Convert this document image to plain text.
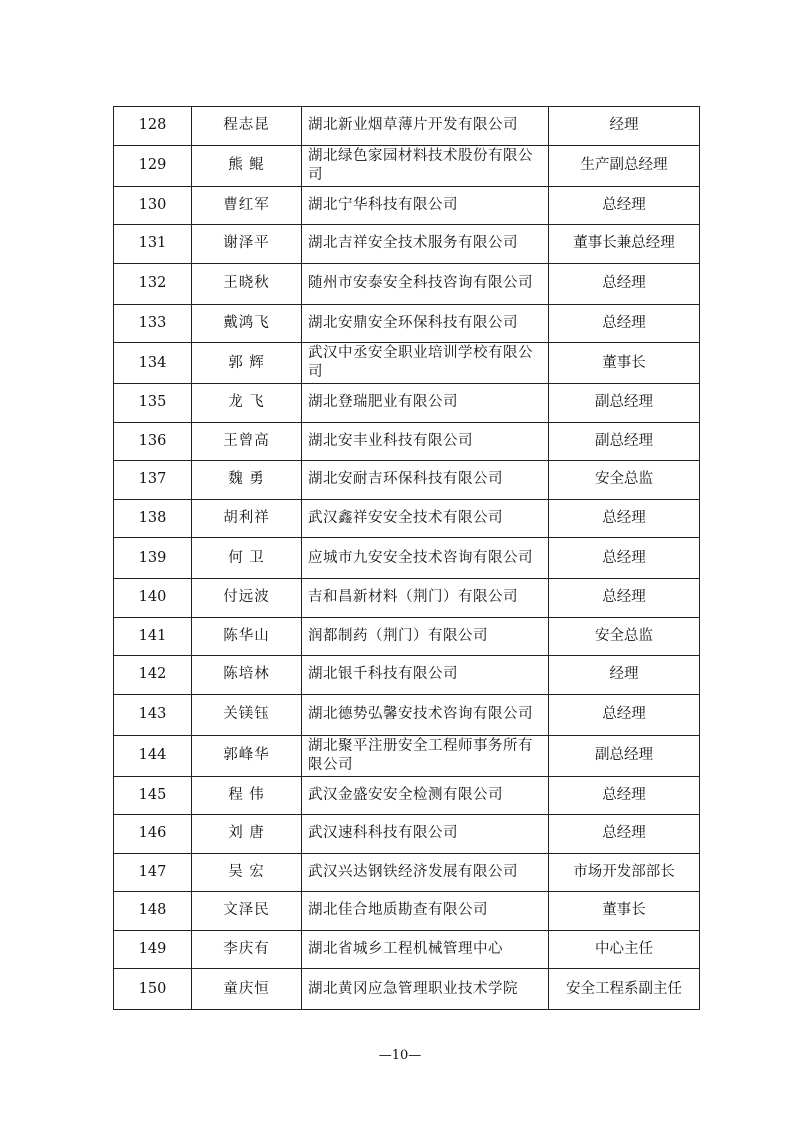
128	程志昆	湖北新业烟草薄片开发有限公司	经理
129	熊 鲲	湖北绿色家园材料技术股份有限公司	生产副总经理
130	曹红军	湖北宁华科技有限公司	总经理
131	谢泽平	湖北吉祥安全技术服务有限公司	董事长兼总经理
132	王晓秋	随州市安泰安全科技咨询有限公司	总经理
133	戴鸿飞	湖北安鼎安全环保科技有限公司	总经理
134	郭 辉	武汉中丞安全职业培训学校有限公司	董事长
135	龙 飞	湖北登瑞肥业有限公司	副总经理
136	王曾高	湖北安丰业科技有限公司	副总经理
137	魏 勇	湖北安耐吉环保科技有限公司	安全总监
138	胡利祥	武汉鑫祥安安全技术有限公司	总经理
139	何 卫	应城市九安安全技术咨询有限公司	总经理
140	付远波	吉和昌新材料（荆门）有限公司	总经理
141	陈华山	润都制药（荆门）有限公司	安全总监
142	陈培林	湖北银千科技有限公司	经理
143	关镁钰	湖北德势弘馨安技术咨询有限公司	总经理
144	郭峰华	湖北聚平注册安全工程师事务所有限公司	副总经理
145	程 伟	武汉金盛安安全检测有限公司	总经理
146	刘 唐	武汉速科科技有限公司	总经理
147	吴 宏	武汉兴达钢铁经济发展有限公司	市场开发部部长
148	文泽民	湖北佳合地质勘查有限公司	董事长
149	李庆有	湖北省城乡工程机械管理中心	中心主任
150	童庆恒	湖北黄冈应急管理职业技术学院	安全工程系副主任
—10—
